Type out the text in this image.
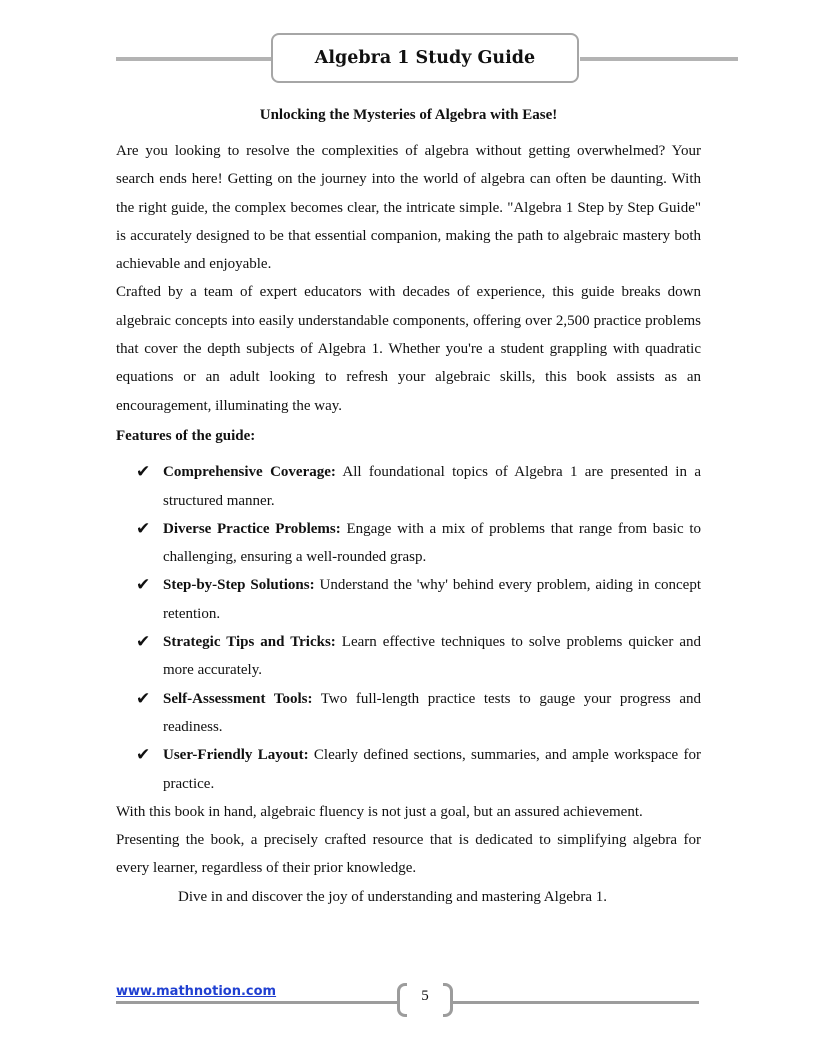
Algebra 1 Study Guide

Unlocking the Mysteries of Algebra with Ease!

Are you looking to resolve the complexities of algebra without getting overwhelmed? Your search ends here! Getting on the journey into the world of algebra can often be daunting. With the right guide, the complex becomes clear, the intricate simple. "Algebra 1 Step by Step Guide" is accurately designed to be that essential companion, making the path to algebraic mastery both achievable and enjoyable.

Crafted by a team of expert educators with decades of experience, this guide breaks down algebraic concepts into easily understandable components, offering over 2,500 practice problems that cover the depth subjects of Algebra 1. Whether you're a student grappling with quadratic equations or an adult looking to refresh your algebraic skills, this book assists as an encouragement, illuminating the way.

Features of the guide:

✔ Comprehensive Coverage: All foundational topics of Algebra 1 are presented in a structured manner.
✔ Diverse Practice Problems: Engage with a mix of problems that range from basic to challenging, ensuring a well-rounded grasp.
✔ Step-by-Step Solutions: Understand the 'why' behind every problem, aiding in concept retention.
✔ Strategic Tips and Tricks: Learn effective techniques to solve problems quicker and more accurately.
✔ Self-Assessment Tools: Two full-length practice tests to gauge your progress and readiness.
✔ User-Friendly Layout: Clearly defined sections, summaries, and ample workspace for practice.

With this book in hand, algebraic fluency is not just a goal, but an assured achievement.

Presenting the book, a precisely crafted resource that is dedicated to simplifying algebra for every learner, regardless of their prior knowledge.

Dive in and discover the joy of understanding and mastering Algebra 1.

www.mathnotion.com	5
